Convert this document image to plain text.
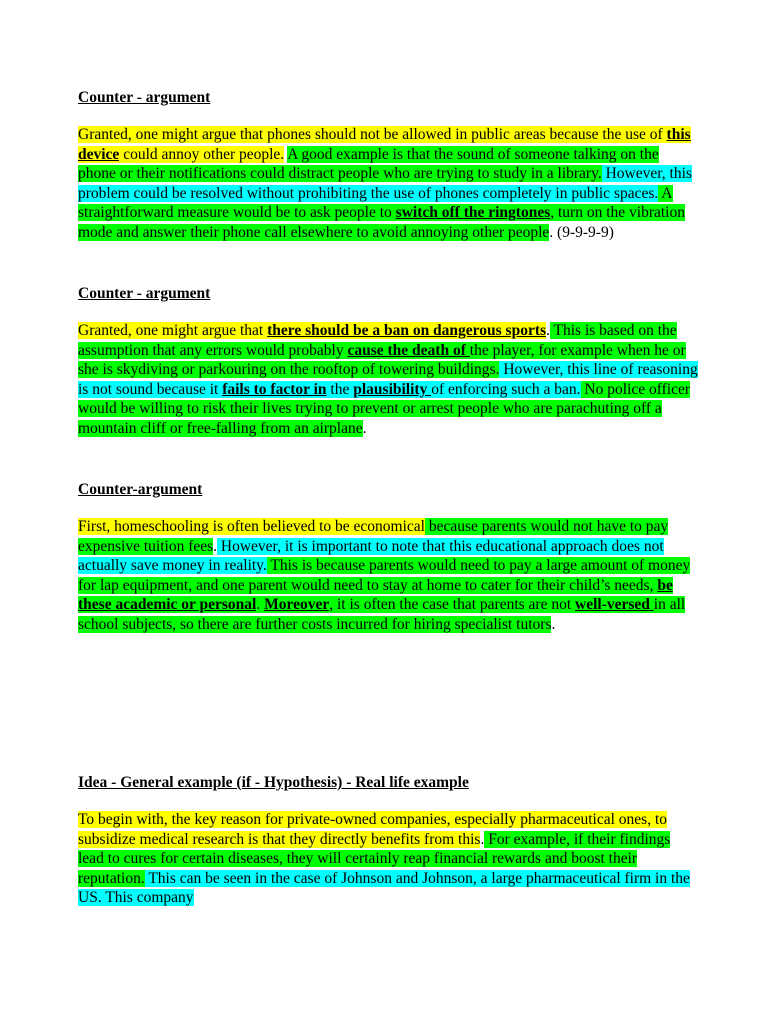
Counter - argument

Granted, one might argue that phones should not be allowed in public areas because the use of this device could annoy other people. A good example is that the sound of someone talking on the phone or their notifications could distract people who are trying to study in a library. However, this problem could be resolved without prohibiting the use of phones completely in public spaces. A straightforward measure would be to ask people to switch off the ringtones, turn on the vibration mode and answer their phone call elsewhere to avoid annoying other people. (9-9-9-9)

Counter - argument

Granted, one might argue that there should be a ban on dangerous sports. This is based on the assumption that any errors would probably cause the death of the player, for example when he or she is skydiving or parkouring on the rooftop of towering buildings. However, this line of reasoning is not sound because it fails to factor in the plausibility of enforcing such a ban. No police officer would be willing to risk their lives trying to prevent or arrest people who are parachuting off a mountain cliff or free-falling from an airplane.

Counter-argument

First, homeschooling is often believed to be economical because parents would not have to pay expensive tuition fees. However, it is important to note that this educational approach does not actually save money in reality. This is because parents would need to pay a large amount of money for lap equipment, and one parent would need to stay at home to cater for their child’s needs, be these academic or personal. Moreover, it is often the case that parents are not well-versed in all school subjects, so there are further costs incurred for hiring specialist tutors.

Idea - General example (if - Hypothesis) - Real life example

To begin with, the key reason for private-owned companies, especially pharmaceutical ones, to subsidize medical research is that they directly benefits from this. For example, if their findings lead to cures for certain diseases, they will certainly reap financial rewards and boost their reputation. This can be seen in the case of Johnson and Johnson, a large pharmaceutical firm in the US. This company
